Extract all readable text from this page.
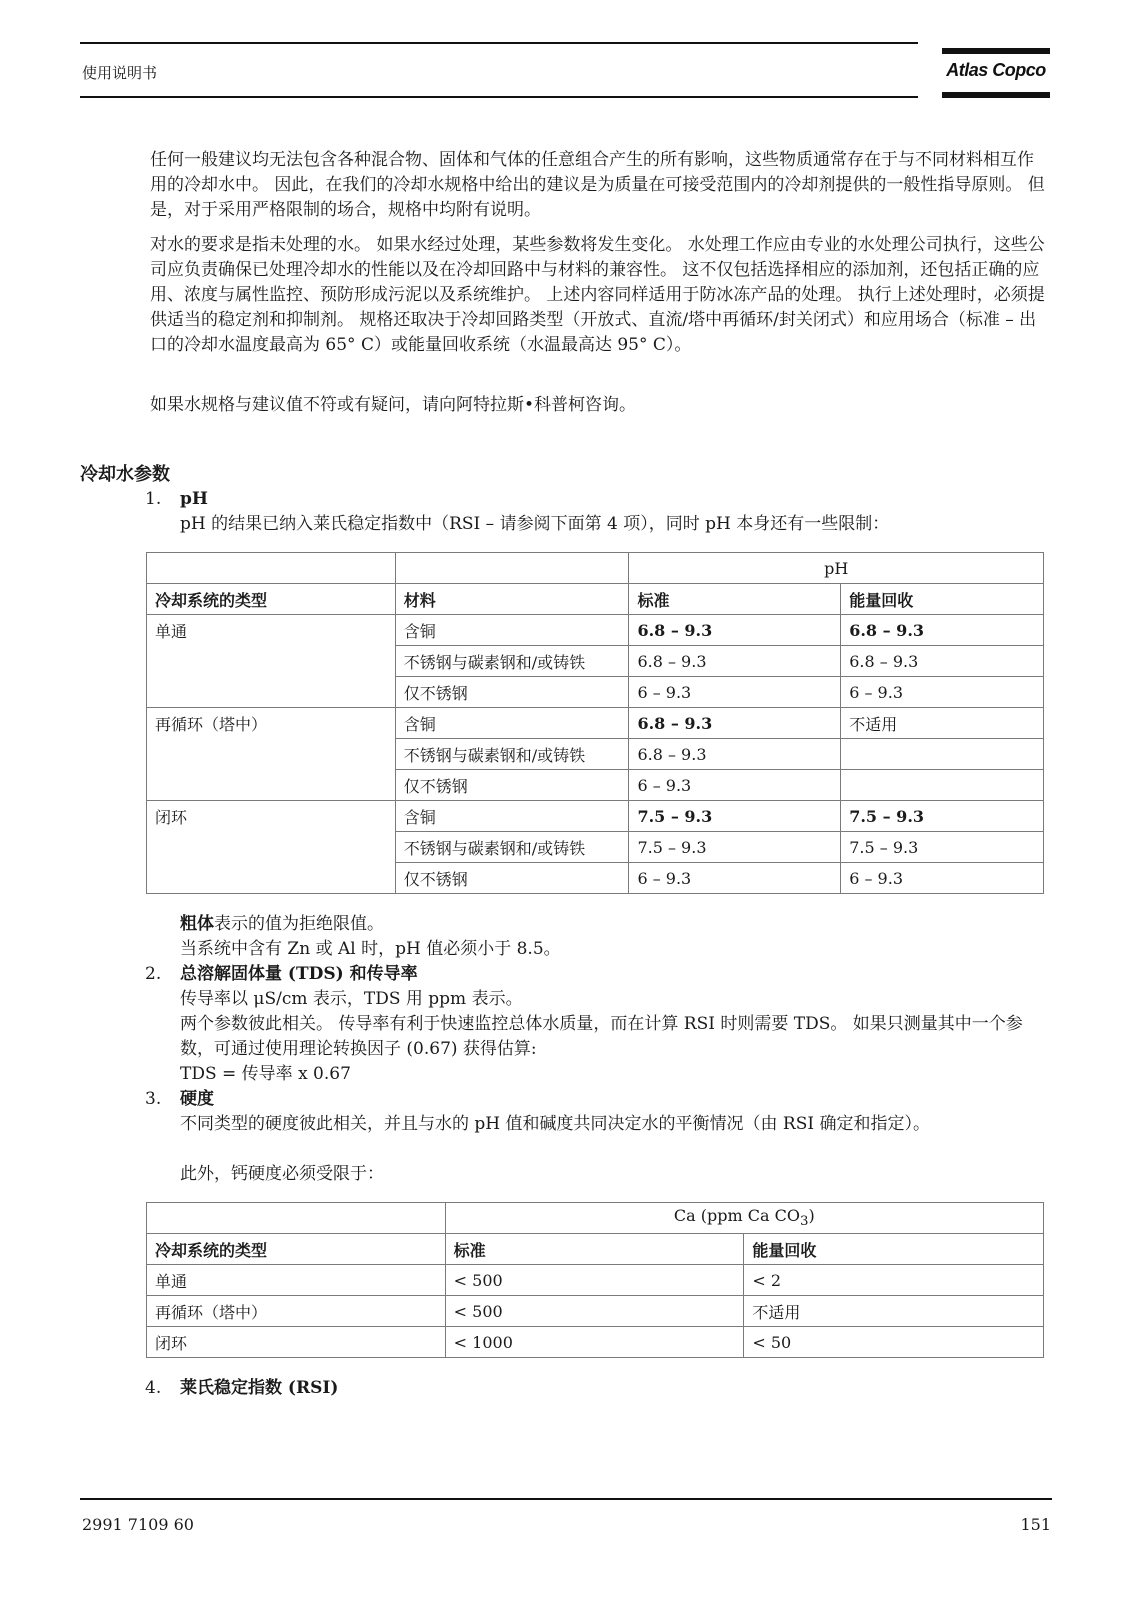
使用说明书	Atlas Copco
任何一般建议均无法包含各种混合物、固体和气体的任意组合产生的所有影响，这些物质通常存在于与不同材料相互作用的冷却水中。 因此，在我们的冷却水规格中给出的建议是为质量在可接受范围内的冷却剂提供的一般性指导原则。 但是，对于采用严格限制的场合，规格中均附有说明。
对水的要求是指未处理的水。 如果水经过处理，某些参数将发生变化。 水处理工作应由专业的水处理公司执行，这些公司应负责确保已处理冷却水的性能以及在冷却回路中与材料的兼容性。 这不仅包括选择相应的添加剂，还包括正确的应用、浓度与属性监控、预防形成污泥以及系统维护。 上述内容同样适用于防冰冻产品的处理。 执行上述处理时，必须提供适当的稳定剂和抑制剂。 规格还取决于冷却回路类型（开放式、直流/塔中再循环/封关闭式）和应用场合（标准 – 出口的冷却水温度最高为 65° C）或能量回收系统（水温最高达 95° C）。
如果水规格与建议值不符或有疑问，请向阿特拉斯•科普柯咨询。
冷却水参数
1. pH
pH 的结果已纳入莱氏稳定指数中（RSI – 请参阅下面第 4 项），同时 pH 本身还有一些限制：
		pH	
冷却系统的类型	材料	标准	能量回收
单通	含铜	6.8 – 9.3	6.8 – 9.3
	不锈钢与碳素钢和/或铸铁	6.8 – 9.3	6.8 – 9.3
	仅不锈钢	6 – 9.3	6 – 9.3
再循环（塔中）	含铜	6.8 – 9.3	不适用
	不锈钢与碳素钢和/或铸铁	6.8 – 9.3	
	仅不锈钢	6 – 9.3	
闭环	含铜	7.5 – 9.3	7.5 – 9.3
	不锈钢与碳素钢和/或铸铁	7.5 – 9.3	7.5 – 9.3
	仅不锈钢	6 – 9.3	6 – 9.3
粗体表示的值为拒绝限值。
当系统中含有 Zn 或 Al 时，pH 值必须小于 8.5。
2. 总溶解固体量 (TDS) 和传导率
传导率以 μS/cm 表示，TDS 用 ppm 表示。
两个参数彼此相关。 传导率有利于快速监控总体水质量，而在计算 RSI 时则需要 TDS。 如果只测量其中一个参数，可通过使用理论转换因子 (0.67) 获得估算:
TDS = 传导率 x 0.67
3. 硬度
不同类型的硬度彼此相关，并且与水的 pH 值和碱度共同决定水的平衡情况（由 RSI 确定和指定）。
此外，钙硬度必须受限于：
	Ca (ppm Ca $CO_3$)	
冷却系统的类型	标准	能量回收
单通	< 500	< 2
再循环（塔中）	< 500	不适用
闭环	< 1000	< 50
4. 莱氏稳定指数 (RSI)
2991 7109 60	151
